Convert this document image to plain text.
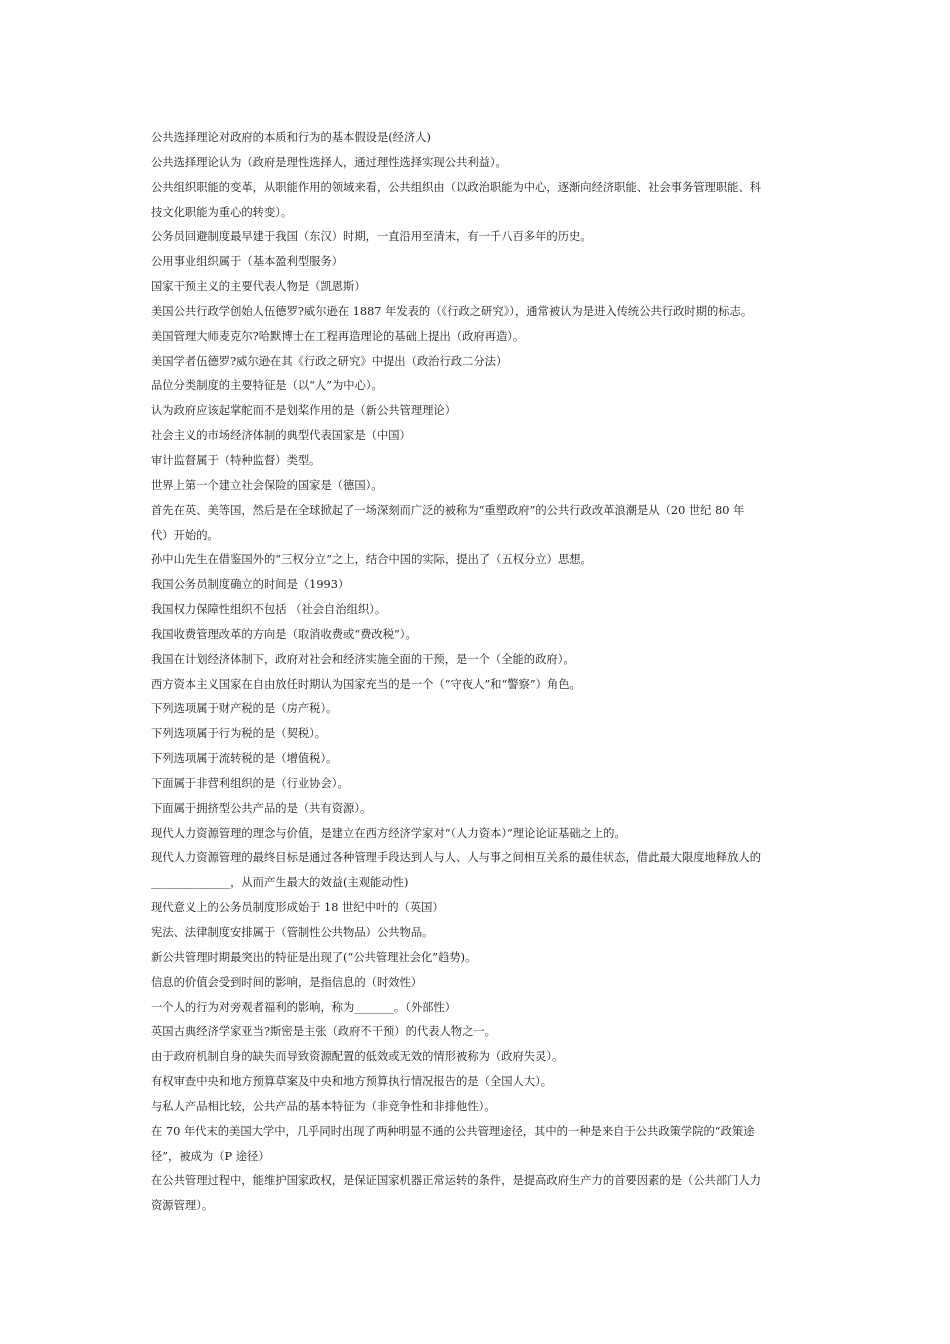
公共选择理论对政府的本质和行为的基本假设是(经济人)
公共选择理论认为（政府是理性选择人，通过理性选择实现公共利益）。
公共组织职能的变革，从职能作用的领域来看，公共组织由（以政治职能为中心，逐渐向经济职能、社会事务管理职能、科
技文化职能为重心的转变）。
公务员回避制度最早建于我国（东汉）时期，一直沿用至清末，有一千八百多年的历史。
公用事业组织属于（基本盈利型服务）
国家干预主义的主要代表人物是（凯恩斯）
美国公共行政学创始人伍德罗?威尔逊在 1887 年发表的（《行政之研究》），通常被认为是进入传统公共行政时期的标志。
美国管理大师麦克尔?哈默博士在工程再造理论的基础上提出（政府再造）。
美国学者伍德罗?威尔逊在其《行政之研究》中提出（政治行政二分法）
品位分类制度的主要特征是（以“人”为中心）。
认为政府应该起掌舵而不是划桨作用的是（新公共管理理论）
社会主义的市场经济体制的典型代表国家是（中国）
审计监督属于（特种监督）类型。
世界上第一个建立社会保险的国家是（德国）。
首先在英、美等国，然后是在全球掀起了一场深刻而广泛的被称为“重塑政府”的公共行政改革浪潮是从（20 世纪 80 年
代）开始的。
孙中山先生在借鉴国外的“三权分立”之上，结合中国的实际，提出了（五权分立）思想。
我国公务员制度确立的时间是（1993）
我国权力保障性组织不包括 （社会自治组织）。
我国收费管理改革的方向是（取消收费或“费改税”）。
我国在计划经济体制下，政府对社会和经济实施全面的干预，是一个（全能的政府）。
西方资本主义国家在自由放任时期认为国家充当的是一个（“守夜人”和“警察”）角色。
下列选项属于财产税的是（房产税）。
下列选项属于行为税的是（契税）。
下列选项属于流转税的是（增值税）。
下面属于非营利组织的是（行业协会）。
下面属于拥挤型公共产品的是（共有资源）。
现代人力资源管理的理念与价值，是建立在西方经济学家对“（人力资本）”理论论证基础之上的。
现代人力资源管理的最终目标是通过各种管理手段达到人与人、人与事之间相互关系的最佳状态，借此最大限度地释放人的
______________，从而产生最大的效益(主观能动性)
现代意义上的公务员制度形成始于 18 世纪中叶的（英国）
宪法、法律制度安排属于（管制性公共物品）公共物品。
新公共管理时期最突出的特征是出现了(“公共管理社会化”趋势)。
信息的价值会受到时间的影响，是指信息的（时效性）
一个人的行为对旁观者福利的影响，称为_______。（外部性）
英国古典经济学家亚当?斯密是主张（政府不干预）的代表人物之一。
由于政府机制自身的缺失而导致资源配置的低效或无效的情形被称为（政府失灵）。
有权审查中央和地方预算草案及中央和地方预算执行情况报告的是（全国人大）。
与私人产品相比较，公共产品的基本特征为（非竞争性和非排他性）。
在 70 年代末的美国大学中，几乎同时出现了两种明显不通的公共管理途径，其中的一种是来自于公共政策学院的“政策途
径”，被成为（P 途径）
在公共管理过程中，能维护国家政权，是保证国家机器正常运转的条件，是提高政府生产力的首要因素的是（公共部门人力
资源管理）。
